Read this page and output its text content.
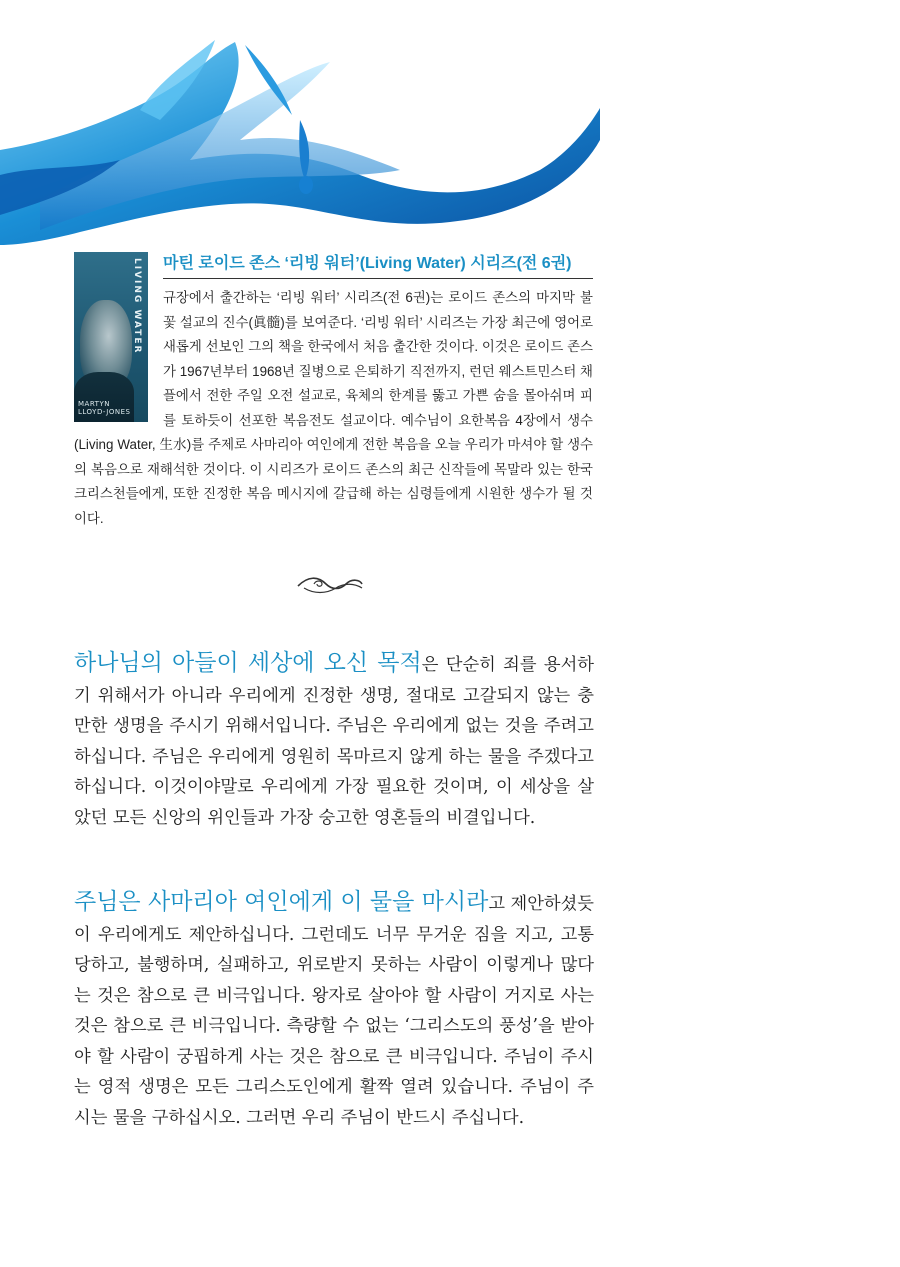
LIVING WATER
MARTYN LLOYD-JONES
마틴 로이드 존스 ‘리빙 워터’(Living Water) 시리즈(전 6권)
규장에서 출간하는 ‘리빙 워터’ 시리즈(전 6권)는 로이드 존스의 마지막 불꽃 설교의 진수(眞髓)를 보여준다. ‘리빙 워터’ 시리즈는 가장 최근에 영어로 새롭게 선보인 그의 책을 한국에서 처음 출간한 것이다. 이것은 로이드 존스가 1967년부터 1968년 질병으로 은퇴하기 직전까지, 런던 웨스트민스터 채플에서 전한 주일 오전 설교로, 육체의 한계를 뚫고 가쁜 숨을 몰아쉬며 피를 토하듯이 선포한 복음전도 설교이다. 예수님이 요한복음 4장에서 생수(Living Water, 生水)를 주제로 사마리아 여인에게 전한 복음을 오늘 우리가 마셔야 할 생수의 복음으로 재해석한 것이다. 이 시리즈가 로이드 존스의 최근 신작들에 목말라 있는 한국 크리스천들에게, 또한 진정한 복음 메시지에 갈급해 하는 심령들에게 시원한 생수가 될 것이다.
하나님의 아들이 세상에 오신 목적은 단순히 죄를 용서하기 위해서가 아니라 우리에게 진정한 생명, 절대로 고갈되지 않는 충만한 생명을 주시기 위해서입니다. 주님은 우리에게 없는 것을 주려고 하십니다. 주님은 우리에게 영원히 목마르지 않게 하는 물을 주겠다고 하십니다. 이것이야말로 우리에게 가장 필요한 것이며, 이 세상을 살았던 모든 신앙의 위인들과 가장 숭고한 영혼들의 비결입니다.
주님은 사마리아 여인에게 이 물을 마시라고 제안하셨듯이 우리에게도 제안하십니다. 그런데도 너무 무거운 짐을 지고, 고통당하고, 불행하며, 실패하고, 위로받지 못하는 사람이 이렇게나 많다는 것은 참으로 큰 비극입니다. 왕자로 살아야 할 사람이 거지로 사는 것은 참으로 큰 비극입니다. 측량할 수 없는 ‘그리스도의 풍성’을 받아야 할 사람이 궁핍하게 사는 것은 참으로 큰 비극입니다. 주님이 주시는 영적 생명은 모든 그리스도인에게 활짝 열려 있습니다. 주님이 주시는 물을 구하십시오. 그러면 우리 주님이 반드시 주십니다.
